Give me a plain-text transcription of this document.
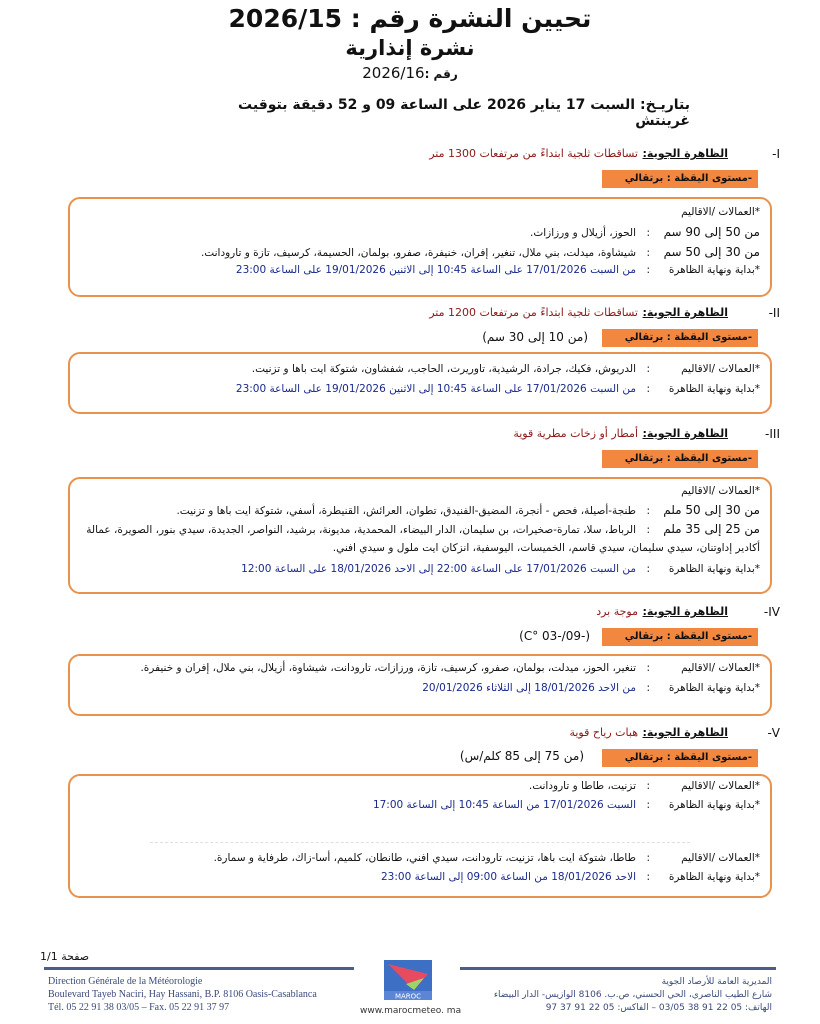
تحيين النشرة رقم : 2026/15
نشرة إنذارية
رقم :2026/16
بتاريـخ: السبت 17 يناير 2026 على الساعة 09 و 52 دقيقة بتوقيت غرينتش
I-
الظاهرة الجوية:
تساقطات ثلجية ابتداءً من مرتفعات 1300 متر
-مستوى اليقظة : برتقالي
*العمالات /الاقاليم
من 50 إلى 90 سم:الحوز، أزيلال و ورزازات.
من 30 إلى 50 سم:شيشاوة، ميدلت، بني ملال، تنغير، إفران، خنيفرة، صفرو، بولمان، الحسيمة، كرسيف، تازة و تارودانت.
*بداية ونهاية الظاهرة:من السبت 17/01/2026 على الساعة 10:45 إلى الاثنين 19/01/2026 على الساعة 23:00
II-
الظاهرة الجوية:
تساقطات ثلجية ابتداءً من مرتفعات 1200 متر
-مستوى اليقظة : برتقالي
(من 10 إلى 30 سم)
*العمالات /الاقاليم:الدريوش، فكيك، جرادة، الرشيدية، تاوريرت، الحاجب، شفشاون، شتوكة ايت باها و تزنيت.
*بداية ونهاية الظاهرة:من السبت 17/01/2026 على الساعة 10:45 إلى الاثنين 19/01/2026 على الساعة 23:00
III-
الظاهرة الجوية:
أمطار أو زخات مطرية قوية
-مستوى اليقظة : برتقالي
*العمالات /الاقاليم
من 30 إلى 50 ملم:طنجة-أصيلة، فحص - أنجرة، المضيق-الفنيدق، تطوان، العرائش، القنيطرة، أسفي، شتوكة ايت باها و تزنيت.
من 25 إلى 35 ملم:الرباط، سلا، تمارة-صخيرات، بن سليمان، الدار البيضاء، المحمدية، مديونة، برشيد، النواصر، الجديدة، سيدي بنور، الصويرة، عمالة أكادير إداوتنان، سيدي سليمان، سيدي قاسم، الخميسات، اليوسفية، انزكان ايت ملول و سيدي افني.
*بداية ونهاية الظاهرة:من السبت 17/01/2026 على الساعة 22:00 إلى الاحد 18/01/2026 على الساعة 12:00
IV-
الظاهرة الجوية:
موجة برد
-مستوى اليقظة : برتقالي
(-09/-03 °C)
*العمالات /الاقاليم:تنغير، الحوز، ميدلت، بولمان، صفرو، كرسيف، تازة، ورزازات، تارودانت، شيشاوة، أزيلال، بني ملال، إفران و خنيفرة.
*بداية ونهاية الظاهرة:من الاحد 18/01/2026 إلى الثلاثاء 20/01/2026
V-
الظاهرة الجوية:
هبات رياح قوية
-مستوى اليقظة : برتقالي
(من 75 إلى 85 كلم/س)
*العمالات /الاقاليم:تزنيت، طاطا و تارودانت.
*بداية ونهاية الظاهرة:السبت 17/01/2026 من الساعة 10:45 إلى الساعة 17:00
*العمالات /الاقاليم:طاطا، شتوكة ايت باها، تزنيت، تارودانت، سيدي افني، طانطان، كلميم، أسا-زاك، طرفاية و سمارة.
*بداية ونهاية الظاهرة:الاحد 18/01/2026 من الساعة 09:00 إلى الساعة 23:00
صفحة 1/1
Direction Générale de la Météorologie
Boulevard Tayeb Naciri, Hay Hassani, B.P. 8106 Oasis-Casablanca
Tél. 05 22 91 38 03/05 – Fax. 05 22 91 37 97
MAROC
www.marocmeteo. ma
المديرية العامة للأرصاد الجوية
شارع الطيب الناصري، الحي الحسني، ص.ب. 8106 الوازيس- الدار البيضاء
الهاتف: 05 22 91 38 03/05 – الفاكس: 05 22 91 37 97
